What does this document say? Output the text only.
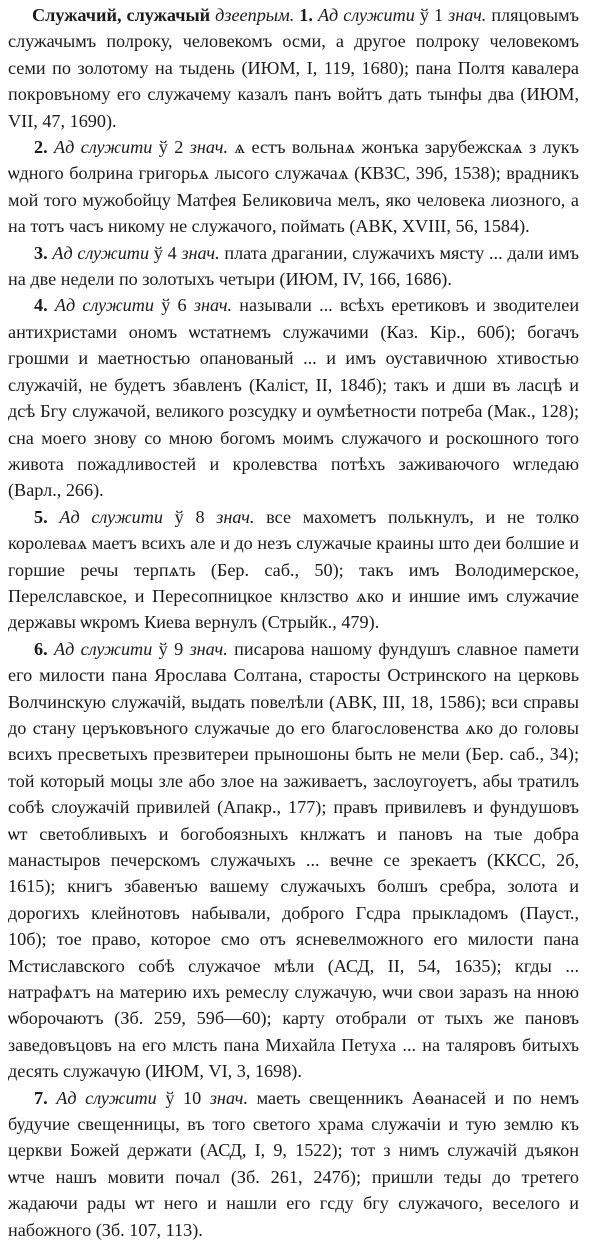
Служачий, служачый дзеепрым. 1. Ад служити ў 1 знач. пляцовымъ служачымъ полроку, человекомъ осми, а другое полроку человекомъ семи по золотому на тыдень (ИЮМ, I, 119, 1680); пана Полтя кавалера покровъному его служачему казалъ панъ войтъ дать тынфы два (ИЮМ, VII, 47, 1690).

2. Ад служити ў 2 знач. ѧ естъ вольнаѧ жонъка зарубежскаѧ з лукъ ѡдного болрина григорьѧ лысого служачаѧ (КВЗС, 39б, 1538); врадникъ мой того мужобойцу Матфея Беликовича мелъ, яко человека лиозного, а на тотъ часъ никому не служачого, поймать (АВК, XVIII, 56, 1584).

3. Ад служити ў 4 знач. плата драгании, служачихъ мясту ... дали имъ на две недели по золотыхъ четыри (ИЮМ, IV, 166, 1686).

4. Ад служити ў 6 знач. называли ... всѣхъ еретиковъ и зводителеи антихристами ономъ ѡстатнемъ служачими (Каз. Кір., 60б); богачъ грошми и маетностью опанованый ... и имъ оуставичною хтивостью служачій, не будетъ збавленъ (Каліст, II, 184б); такъ и дши въ ласцѣ и дсѣ Бгу служачой, великого розсудку и оумѣетности потреба (Мак., 128); сна моего знову со мною богомъ моимъ служачого и роскошного того живота пожадливостей и кролевства потѣхъ заживаючого ѡгледаю (Варл., 266).

5. Ад служити ў 8 знач. все махометъ полькнулъ, и не толко королеваѧ маетъ всихъ але и до незъ служачые краины што деи болшие и горшие речы терпѧть (Бер. саб., 50); такъ имъ Володимерское, Перелславское, и Пересопницкое кнлзство ѧко и иншие имъ служачие державы ѡкромъ Киева вернулъ (Стрыйк., 479).

6. Ад служити ў 9 знач. писарова нашому фундушъ славное памети его милости пана Ярослава Солтана, старосты Остринского на церковь Волчинскую служачій, выдать повелѣли (АВК, III, 18, 1586); вси справы до стану церъковъного служачые до его благословенства ѧко до головы всихъ пресветыхъ презвитереи прыношоны быть не мели (Бер. саб., 34); той который моцы зле або злое на заживаетъ, заслоугоуетъ, абы тратилъ собѣ слоужачій привилей (Апакр., 177); правъ привилевъ и фундушовъ ѡт светобливыхъ и богобоязныхъ кнлжатъ и пановъ на тые добра манастыров печерскомъ служачыхъ ... вечне се зрекаетъ (ККСС, 2б, 1615); книгъ збавенъю вашему служачыхъ болшъ сребра, золота и дорогихъ клейнотовъ набывали, доброго Гсдра прыкладомъ (Пауст., 10б); тое право, которое смо отъ ясневелможного его милости пана Мстиславского собѣ служачое мѣли (АСД, II, 54, 1635); кгды ... натрафѧтъ на материю ихъ ремеслу служачую, ѡчи свои заразъ на нною ѡборочаютъ (Зб. 259, 59б—60); карту отобрали от тыхъ же пановъ заведовъцовъ на его млсть пана Михайла Петуха ... на таляровъ битыхъ десять служачую (ИЮМ, VI, 3, 1698).

7. Ад служити ў 10 знач. маеть свещенникъ Аѳанасей и по немъ будучие свещенницы, въ того светого храма служачіи и тую землю къ церкви Божей держати (АСД, I, 9, 1522); тот з нимъ служачій дъякон ѡтче нашъ мовити почал (Зб. 261, 247б); пришли теды до третего жадаючи рады ѡт него и нашли его гсду бгу служачого, веселого и набожного (Зб. 107, 113).
